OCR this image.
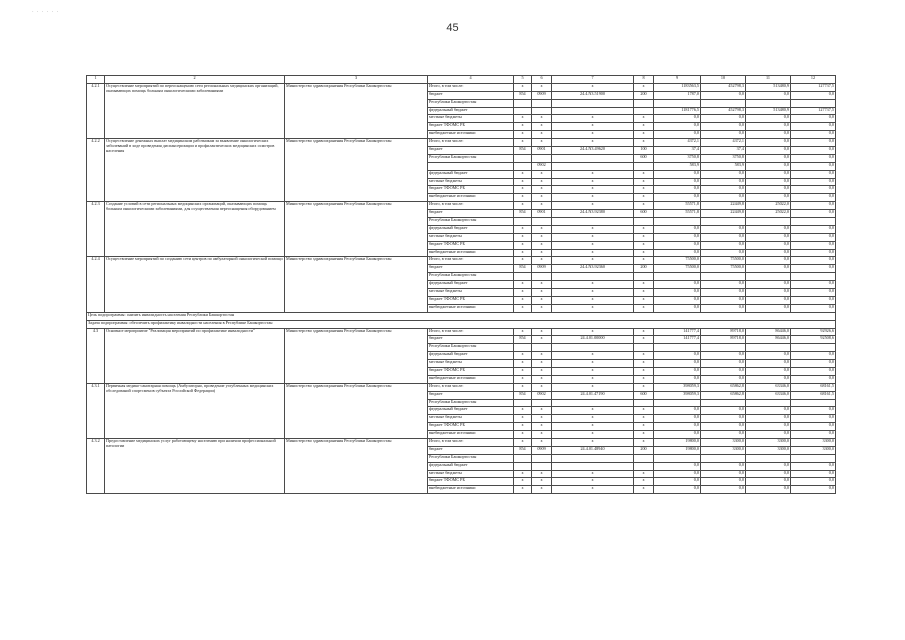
· · · · · ·
45
1	2	3	4	5	6	7	8	9	10	11	12
4.2.1	Осуществление мероприятий по переоснащению сети региональных медицинских организаций, оказывающих помощь больным онкологическими заболеваниями	Министерство здравоохранения Республики Башкортостан	Итого, в том числе:	x	x	x	x	1183563,5	452798,3	513480,9	127737,5
			бюджет	854	0909	24.4.N3.51900	200	1787,0	0,0	0,0	0,0
			Республики Башкортостан								
			федеральный бюджет					1181776,5	452798,3	513480,9	127737,5
			местные бюджеты	x	x	x	x	0,0	0,0	0,0	0,0
			бюджет ТФОМС РБ	x	x	x	x	0,0	0,0	0,0	0,0
			внебюджетные источники	x	x	x	x	0,0	0,0	0,0	0,0
4.2.2	Осуществление денежных выплат медицинским работникам за выявление онкологических заболеваний в ходе проведения диспансеризации и профилактических медицинских осмотров населения	Министерство здравоохранения Республики Башкортостан	Итого, в том числе:	x	x	x	x	4372,1	4372,1	0,0	0,0
			бюджет	854	0901	24.4.N3.49620	100	37,4	37,4	0,0	0,0
			Республики Башкортостан				600	3750,8	3750,8	0,0	0,0
					0902			583,9	583,9	0,0	0,0
			федеральный бюджет	x	x	x	x	0,0	0,0	0,0	0,0
			местные бюджеты	x	x	x	x	0,0	0,0	0,0	0,0
			бюджет ТФОМС РБ	x	x	x	x	0,0	0,0	0,0	0,0
			внебюджетные источники	x	x	x	x	0,0	0,0	0,0	0,0
4.2.3	Создание условий в сети региональных медицинских организаций, оказывающих помощь больным онкологическими заболеваниями, для осуществления переоснащения оборудованием	Министерство здравоохранения Республики Башкортостан	Итого, в том числе:	x	x	x	x	55571,8	22449,8	25022,0	0,0
			бюджет	854	0901	24.4.N3.92380	600	55571,8	22449,8	25022,0	0,0
			Республики Башкортостан								
			федеральный бюджет	x	x	x	x	0,0	0,0	0,0	0,0
			местные бюджеты	x	x	x	x	0,0	0,0	0,0	0,0
			бюджет ТФОМС РБ	x	x	x	x	0,0	0,0	0,0	0,0
			внебюджетные источники	x	x	x	x	0,0	0,0	0,0	0,0
4.2.4	Осуществление мероприятий по созданию сети центров по амбулаторной онкологической помощи	Министерство здравоохранения Республики Башкортостан	Итого, в том числе:	x	x	x	x	75500,0	75500,0	0,0	0,0
			бюджет	854	0909	24.4.N3.92360	200	75500,0	75500,0	0,0	0,0
			Республики Башкортостан								
			федеральный бюджет	x	x	x	x	0,0	0,0	0,0	0,0
			местные бюджеты	x	x	x	x	0,0	0,0	0,0	0,0
			бюджет ТФОМС РБ	x	x	x	x	0,0	0,0	0,0	0,0
			внебюджетные источники	x	x	x	x	0,0	0,0	0,0	0,0
Цель подпрограммы: снизить инвалидность населения Республики Башкортостан											
Задача подпрограммы: обеспечить профилактику инвалидности населения в Республике Башкортостан											
4.3	Основное мероприятие "Реализация мероприятий по профилактике инвалидности"	Министерство здравоохранения Республики Башкортостан	Итого, в том числе:	x	x	x	x	141777,4	89718,0	86446,0	92926,6
			бюджет	854	x	24.4.01.00000	x	141777,4	89718,0	86446,0	92508,6
			Республики Башкортостан								
			федеральный бюджет	x	x	x	x	0,0	0,0	0,0	0,0
			местные бюджеты	x	x	x	x	0,0	0,0	0,0	0,0
			бюджет ТФОМС РБ	x	x	x	x	0,0	0,0	0,0	0,0
			внебюджетные источники	x	x	x	x	0,0	0,0	0,0	0,0
4.3.1	Первичная медико-санитарная помощь (Амбулаторно, проведение углубленных медицинских обследований спортсменов субъекта Российской Федерации)	Министерство здравоохранения Республики Башкортостан	Итого, в том числе:	x	x	x	x	398059,3	65862,8	63346,0	68161,5
			бюджет	854	0902	24.4.01.47190	600	398059,3	65862,8	63346,0	68161,5
			Республики Башкортостан								
			федеральный бюджет	x	x	x	x	0,0	0,0	0,0	0,0
			местные бюджеты	x	x	x	x	0,0	0,0	0,0	0,0
			бюджет ТФОМС РБ	x	x	x	x	0,0	0,0	0,0	0,0
			внебюджетные источники	x	x	x	x	0,0	0,0	0,0	0,0
4.3.2	Предоставление медицинских услуг работающему населению при наличии профессиональной патологии	Министерство здравоохранения Республики Башкортостан	Итого, в том числе:	x	x	x	x	19800,0	3300,0	3300,0	3300,0
			бюджет	854	0909	24.4.01.48940	200	19800,0	3300,0	3300,0	3300,0
			Республики Башкортостан								
			федеральный бюджет					0,0	0,0	0,0	0,0
			местные бюджеты	x	x	x	x	0,0	0,0	0,0	0,0
			бюджет ТФОМС РБ	x	x	x	x	0,0	0,0	0,0	0,0
			внебюджетные источники	x	x	x	x	0,0	0,0	0,0	0,0
